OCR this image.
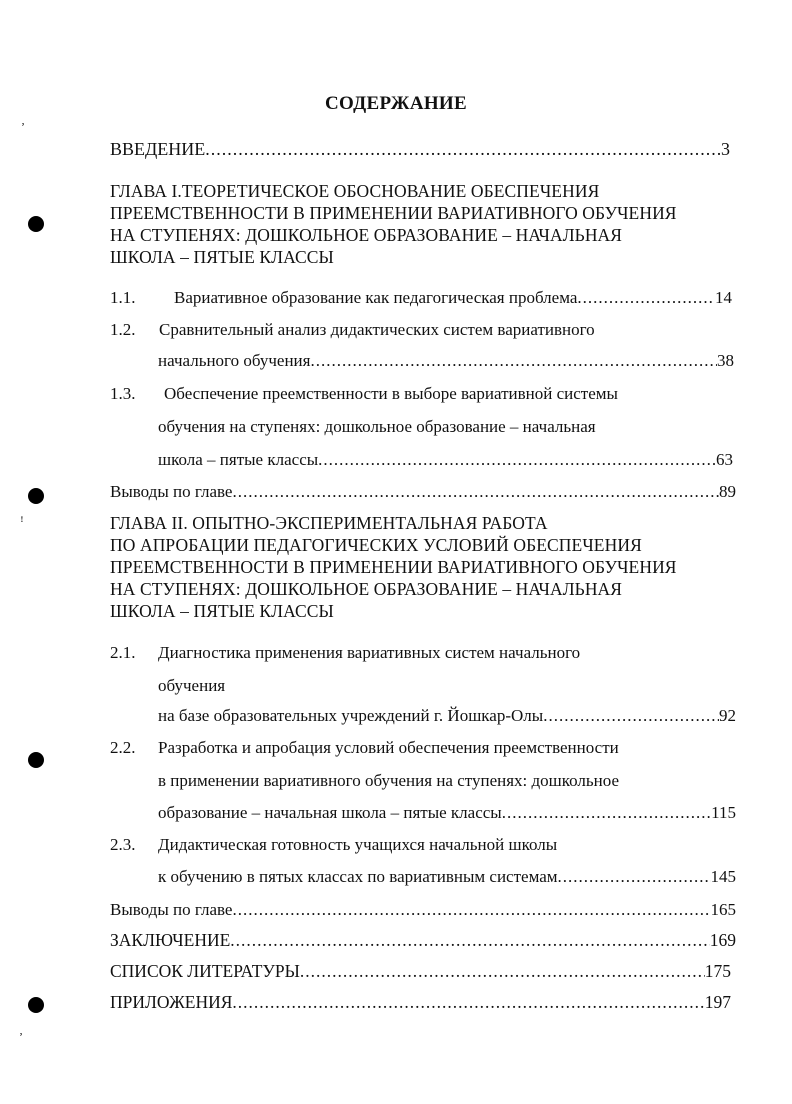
ʼ
ꜝ
ʼ
СОДЕРЖАНИЕ
ВВЕДЕНИЕ .....	3
ГЛАВА I.ТЕОРЕТИЧЕСКОЕ ОБОСНОВАНИЕ ОБЕСПЕЧЕНИЯ
ПРЕЕМСТВЕННОСТИ В ПРИМЕНЕНИИ ВАРИАТИВНОГО ОБУЧЕНИЯ
НА СТУПЕНЯХ: ДОШКОЛЬНОЕ ОБРАЗОВАНИЕ – НАЧАЛЬНАЯ
ШКОЛА – ПЯТЫЕ КЛАССЫ
1.1. Вариативное образование как педагогическая проблема .....	14
1.2. Сравнительный анализ дидактических систем вариативного
начального обучения .....	38
1.3. Обеспечение преемственности в выборе вариативной системы
обучения на ступенях: дошкольное образование – начальная
школа – пятые классы .....	63
Выводы по главе .....	89
ГЛАВА II. ОПЫТНО-ЭКСПЕРИМЕНТАЛЬНАЯ РАБОТА
ПО АПРОБАЦИИ ПЕДАГОГИЧЕСКИХ УСЛОВИЙ ОБЕСПЕЧЕНИЯ
ПРЕЕМСТВЕННОСТИ В ПРИМЕНЕНИИ ВАРИАТИВНОГО ОБУЧЕНИЯ
НА СТУПЕНЯХ: ДОШКОЛЬНОЕ ОБРАЗОВАНИЕ – НАЧАЛЬНАЯ
ШКОЛА – ПЯТЫЕ КЛАССЫ
2.1. Диагностика применения вариативных систем начального
обучения
на базе образовательных учреждений г. Йошкар-Олы .....	92
2.2. Разработка и апробация условий обеспечения преемственности
в применении вариативного обучения на ступенях: дошкольное
образование – начальная школа – пятые классы .....	115
2.3. Дидактическая готовность учащихся начальной школы
к обучению в пятых классах по вариативным системам .....	145
Выводы по главе .....	165
ЗАКЛЮЧЕНИЕ .....	169
СПИСОК ЛИТЕРАТУРЫ .....	175
ПРИЛОЖЕНИЯ .....	197
